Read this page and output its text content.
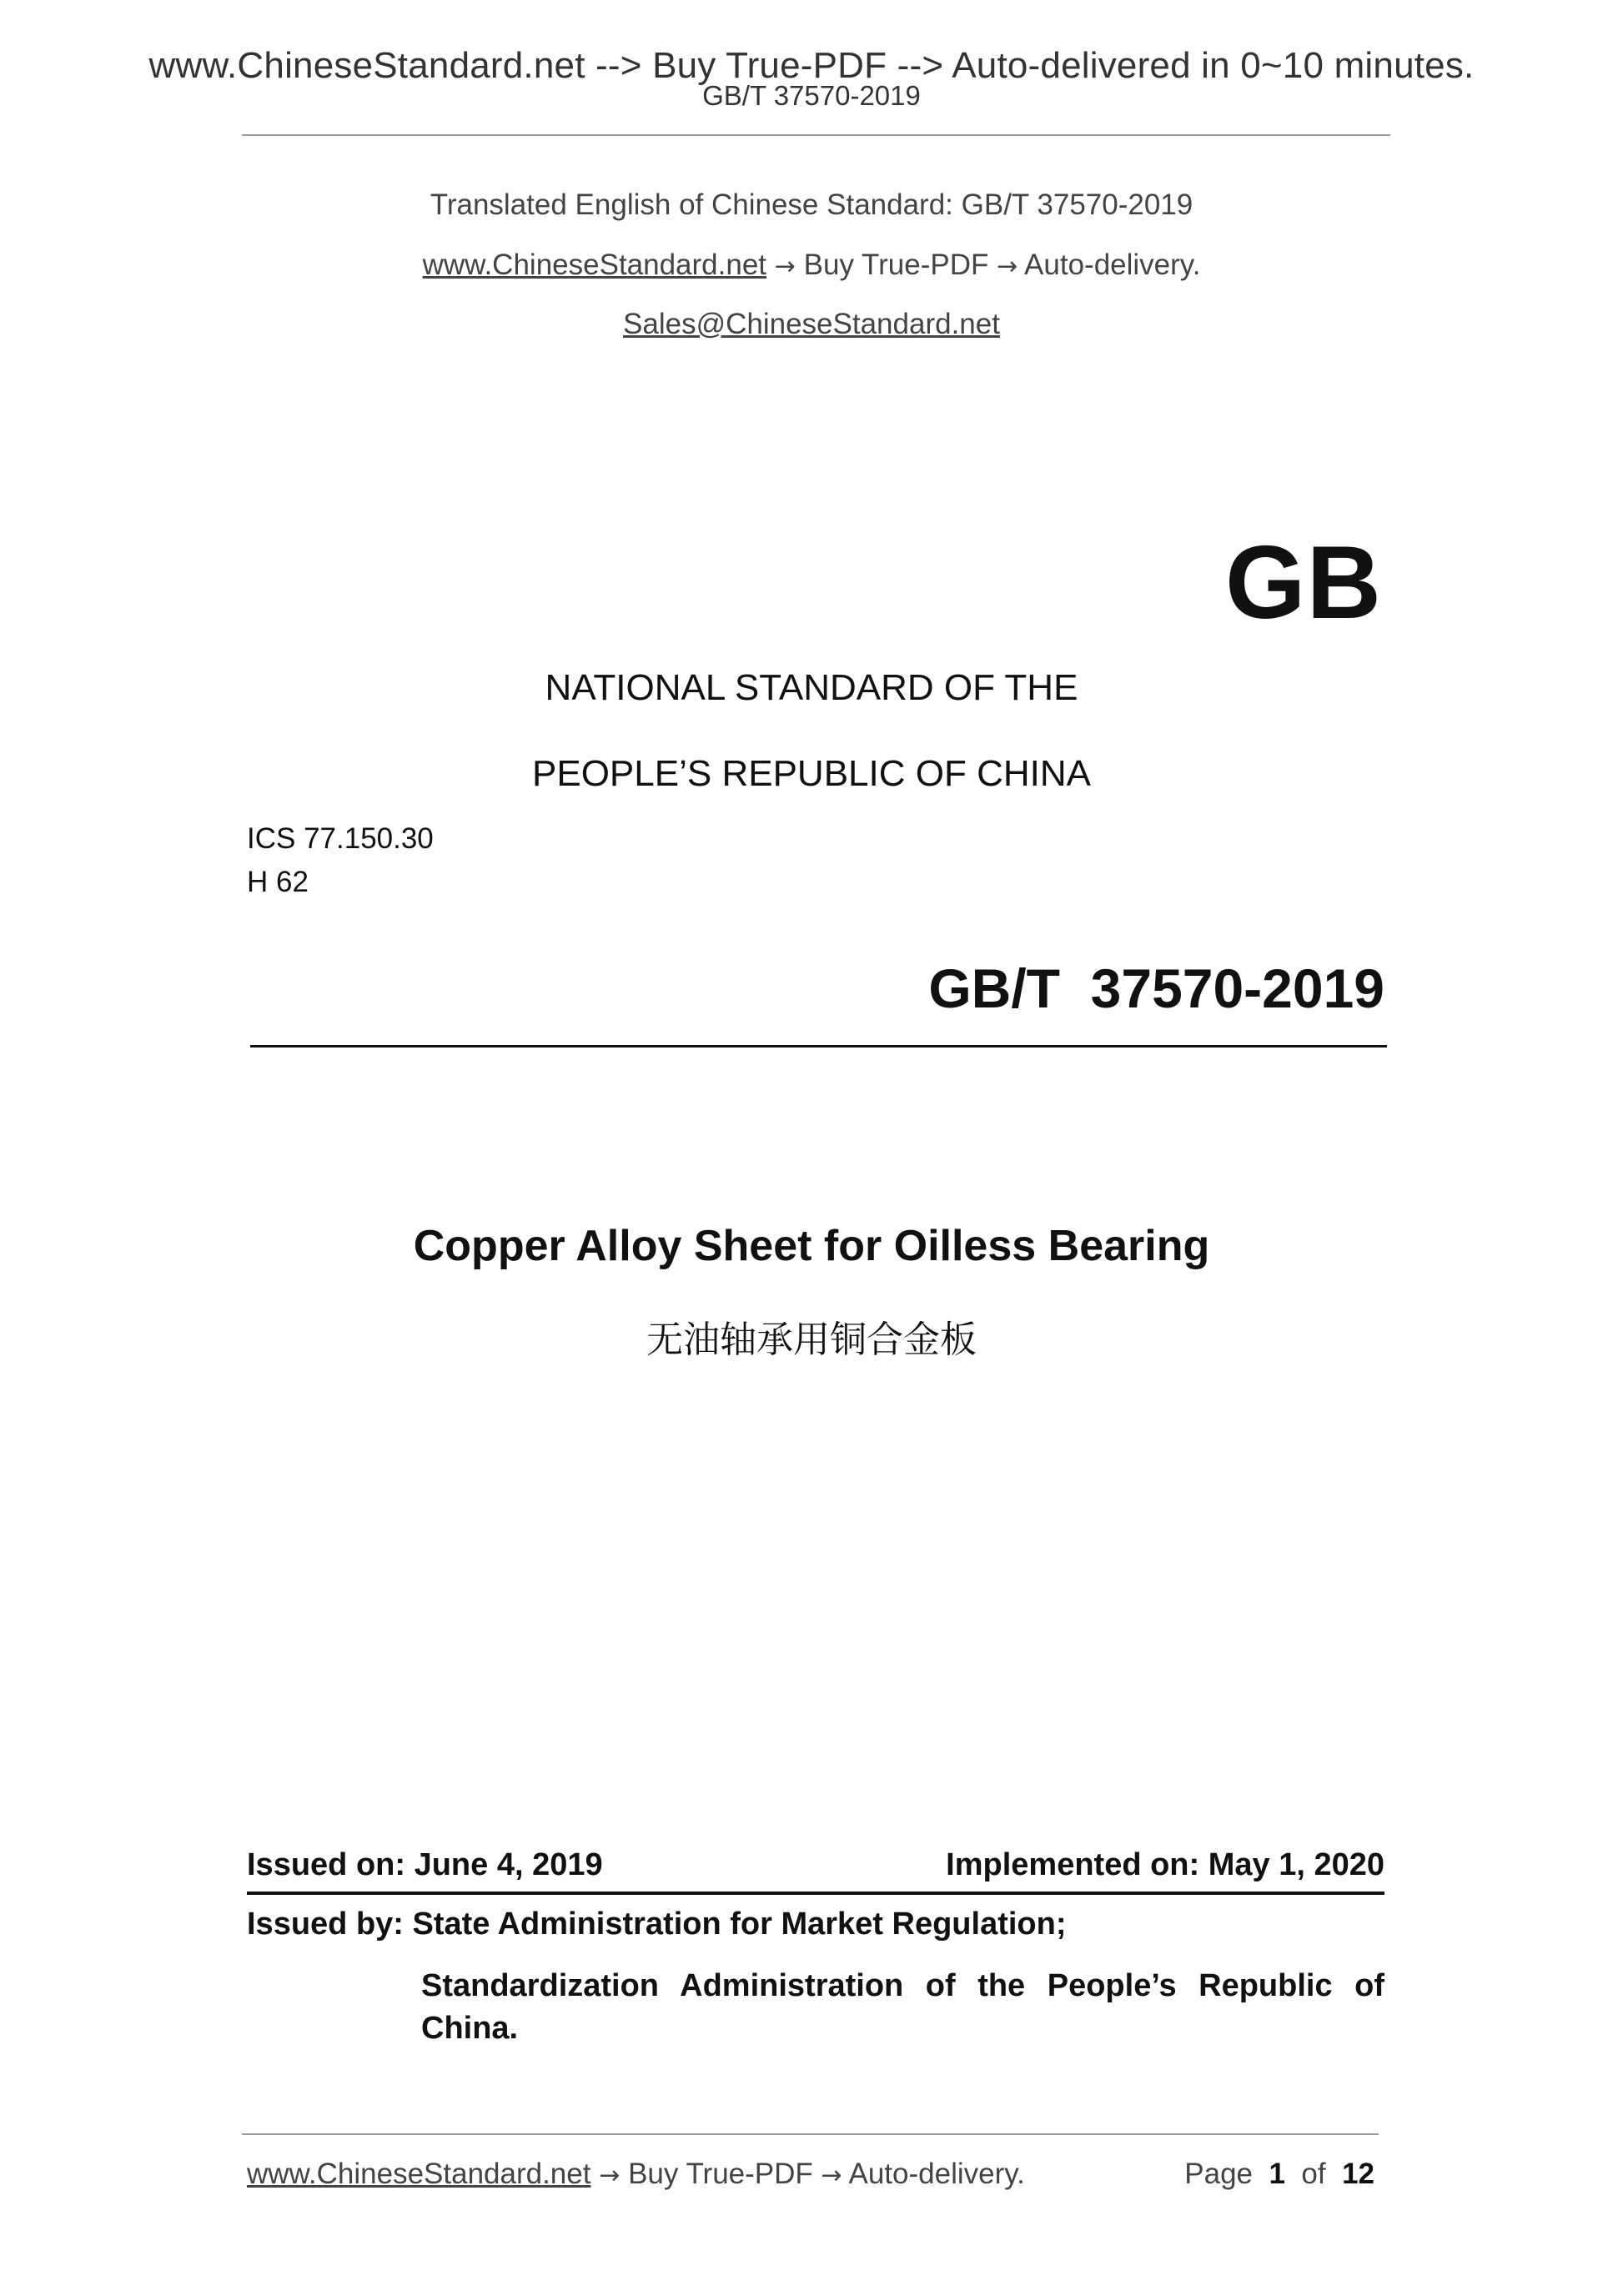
www.ChineseStandard.net --> Buy True-PDF --> Auto-delivered in 0~10 minutes.
GB/T 37570-2019
Translated English of Chinese Standard: GB/T 37570-2019
www.ChineseStandard.net → Buy True-PDF → Auto-delivery.
Sales@ChineseStandard.net
GB
NATIONAL STANDARD OF THE
PEOPLE’S REPUBLIC OF CHINA
ICS 77.150.30
H 62
GB/T  37570-2019
Copper Alloy Sheet for Oilless Bearing
无油轴承用铜合金板
Issued on: June 4, 2019	Implemented on: May 1, 2020
Issued by: State Administration for Market Regulation;
Standardization Administration of the People’s Republic of China.
www.ChineseStandard.net → Buy True-PDF → Auto-delivery.	Page 1 of 12
